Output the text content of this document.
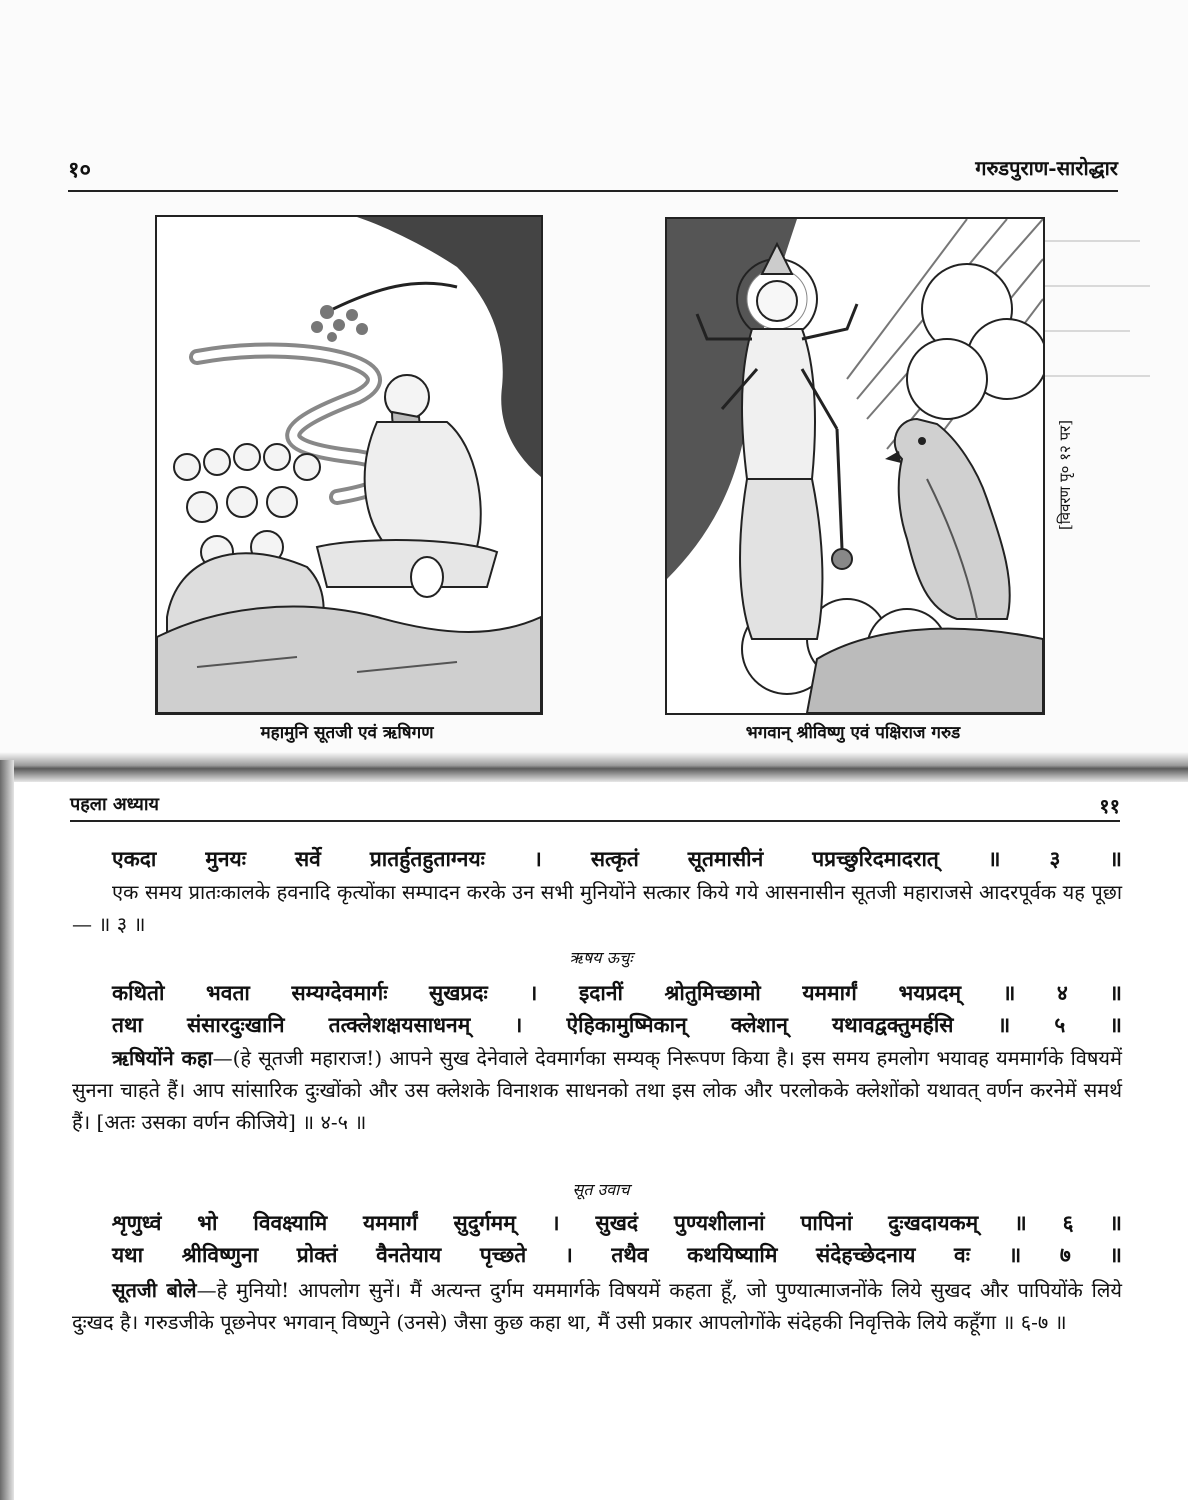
१०	गरुडपुराण-सारोद्धार
[विवरण पृ० १२ पर]
महामुनि सूतजी एवं ऋषिगण	भगवान् श्रीविष्णु एवं पक्षिराज गरुड
पहला अध्याय	११
एकदा मुनयः सर्वे प्रातर्हुतहुताग्नयः । सत्कृतं सूतमासीनं पप्रच्छुरिदमादरात् ॥ ३ ॥
एक समय प्रातःकालके हवनादि कृत्योंका सम्पादन करके उन सभी मुनियोंने सत्कार किये गये आसनासीन सूतजी महाराजसे आदरपूर्वक यह पूछा— ॥ ३ ॥
ऋषय ऊचुः
कथितो भवता सम्यग्देवमार्गः सुखप्रदः । इदानीं श्रोतुमिच्छामो यममार्गं भयप्रदम् ॥ ४ ॥
तथा संसारदुःखानि तत्क्लेशक्षयसाधनम् । ऐहिकामुष्मिकान् क्लेशान् यथावद्वक्तुमर्हसि ॥ ५ ॥
ऋषियोंने कहा—(हे सूतजी महाराज!) आपने सुख देनेवाले देवमार्गका सम्यक् निरूपण किया है। इस समय हमलोग भयावह यममार्गके विषयमें सुनना चाहते हैं। आप सांसारिक दुःखोंको और उस क्लेशके विनाशक साधनको तथा इस लोक और परलोकके क्लेशोंको यथावत् वर्णन करनेमें समर्थ हैं। [अतः उसका वर्णन कीजिये] ॥ ४-५ ॥
सूत उवाच
शृणुध्वं भो विवक्ष्यामि यममार्गं सुदुर्गमम् । सुखदं पुण्यशीलानां पापिनां दुःखदायकम् ॥ ६ ॥
यथा श्रीविष्णुना प्रोक्तं वैनतेयाय पृच्छते । तथैव कथयिष्यामि संदेहच्छेदनाय वः ॥ ७ ॥
सूतजी बोले—हे मुनियो! आपलोग सुनें। मैं अत्यन्त दुर्गम यममार्गके विषयमें कहता हूँ, जो पुण्यात्माजनोंके लिये सुखद और पापियोंके लिये दुःखद है। गरुडजीके पूछनेपर भगवान् विष्णुने (उनसे) जैसा कुछ कहा था, मैं उसी प्रकार आपलोगोंके संदेहकी निवृत्तिके लिये कहूँगा ॥ ६-७ ॥
